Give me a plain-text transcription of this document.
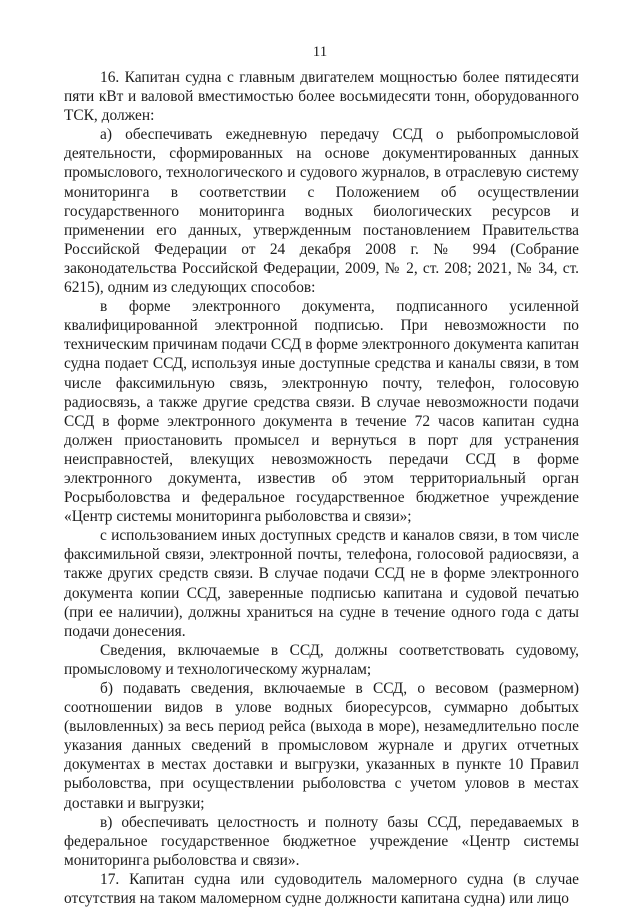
11

16. Капитан судна с главным двигателем мощностью более пятидесяти пяти кВт и валовой вместимостью более восьмидесяти тонн, оборудованного ТСК, должен:

а) обеспечивать ежедневную передачу ССД о рыбопромысловой деятельности, сформированных на основе документированных данных промыслового, технологического и судового журналов, в отраслевую систему мониторинга в соответствии с Положением об осуществлении государственного мониторинга водных биологических ресурсов и применении его данных, утвержденным постановлением Правительства Российской Федерации от 24 декабря 2008 г. № 994 (Собрание законодательства Российской Федерации, 2009, № 2, ст. 208; 2021, № 34, ст. 6215), одним из следующих способов:

в форме электронного документа, подписанного усиленной квалифицированной электронной подписью. При невозможности по техническим причинам подачи ССД в форме электронного документа капитан судна подает ССД, используя иные доступные средства и каналы связи, в том числе факсимильную связь, электронную почту, телефон, голосовую радиосвязь, а также другие средства связи. В случае невозможности подачи ССД в форме электронного документа в течение 72 часов капитан судна должен приостановить промысел и вернуться в порт для устранения неисправностей, влекущих невозможность передачи ССД в форме электронного документа, известив об этом территориальный орган Росрыболовства и федеральное государственное бюджетное учреждение «Центр системы мониторинга рыболовства и связи»;

с использованием иных доступных средств и каналов связи, в том числе факсимильной связи, электронной почты, телефона, голосовой радиосвязи, а также других средств связи. В случае подачи ССД не в форме электронного документа копии ССД, заверенные подписью капитана и судовой печатью (при ее наличии), должны храниться на судне в течение одного года с даты подачи донесения.

Сведения, включаемые в ССД, должны соответствовать судовому, промысловому и технологическому журналам;

б) подавать сведения, включаемые в ССД, о весовом (размерном) соотношении видов в улове водных биоресурсов, суммарно добытых (выловленных) за весь период рейса (выхода в море), незамедлительно после указания данных сведений в промысловом журнале и других отчетных документах в местах доставки и выгрузки, указанных в пункте 10 Правил рыболовства, при осуществлении рыболовства с учетом уловов в местах доставки и выгрузки;

в) обеспечивать целостность и полноту базы ССД, передаваемых в федеральное государственное бюджетное учреждение «Центр системы мониторинга рыболовства и связи».

17. Капитан судна или судоводитель маломерного судна (в случае отсутствия на таком маломерном судне должности капитана судна) или лицо
